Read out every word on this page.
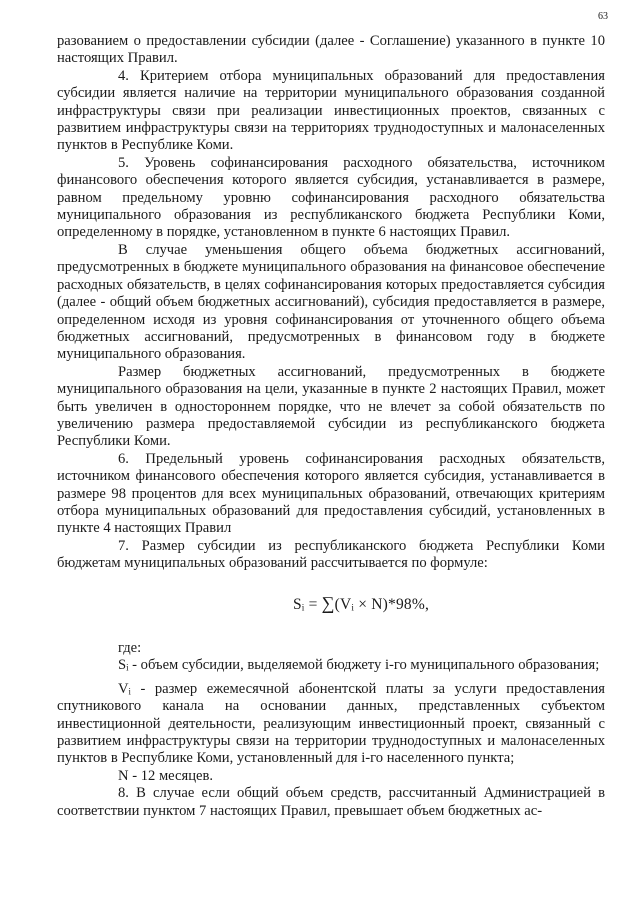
63

разованием о предоставлении субсидии (далее - Соглашение) указанного в пункте 10 настоящих Правил.

4. Критерием отбора муниципальных образований для предоставления субсидии является наличие на территории муниципального образования созданной инфраструктуры связи при реализации инвестиционных проектов, связанных с развитием инфраструктуры связи на территориях труднодоступных и малонаселенных пунктов в Республике Коми.

5. Уровень софинансирования расходного обязательства, источником финансового обеспечения которого является субсидия, устанавливается в размере, равном предельному уровню софинансирования расходного обязательства муниципального образования из республиканского бюджета Республики Коми, определенному в порядке, установленном в пункте 6 настоящих Правил.

В случае уменьшения общего объема бюджетных ассигнований, предусмотренных в бюджете муниципального образования на финансовое обеспечение расходных обязательств, в целях софинансирования которых предоставляется субсидия (далее - общий объем бюджетных ассигнований), субсидия предоставляется в размере, определенном исходя из уровня софинансирования от уточненного общего объема бюджетных ассигнований, предусмотренных в финансовом году в бюджете муниципального образования.

Размер бюджетных ассигнований, предусмотренных в бюджете муниципального образования на цели, указанные в пункте 2 настоящих Правил, может быть увеличен в одностороннем порядке, что не влечет за собой обязательств по увеличению размера предоставляемой субсидии из республиканского бюджета Республики Коми.

6. Предельный уровень софинансирования расходных обязательств, источником финансового обеспечения которого является субсидия, устанавливается в размере 98 процентов для всех муниципальных образований, отвечающих критериям отбора муниципальных образований для предоставления субсидий, установленных в пункте 4 настоящих Правил

7. Размер субсидии из республиканского бюджета Республики Коми бюджетам муниципальных образований рассчитывается по формуле:

Sᵢ = ∑(Vᵢ × N)*98%,

где:

Sᵢ - объем субсидии, выделяемой бюджету i-го муниципального образования;

Vᵢ - размер ежемесячной абонентской платы за услуги предоставления спутникового канала на основании данных, представленных субъектом инвестиционной деятельности, реализующим инвестиционный проект, связанный с развитием инфраструктуры связи на территории труднодоступных и малонаселенных пунктов в Республике Коми, установленный для i-го населенного пункта;

N - 12 месяцев.

8. В случае если общий объем средств, рассчитанный Администрацией в соответствии пунктом 7 настоящих Правил, превышает объем бюджетных ас-
